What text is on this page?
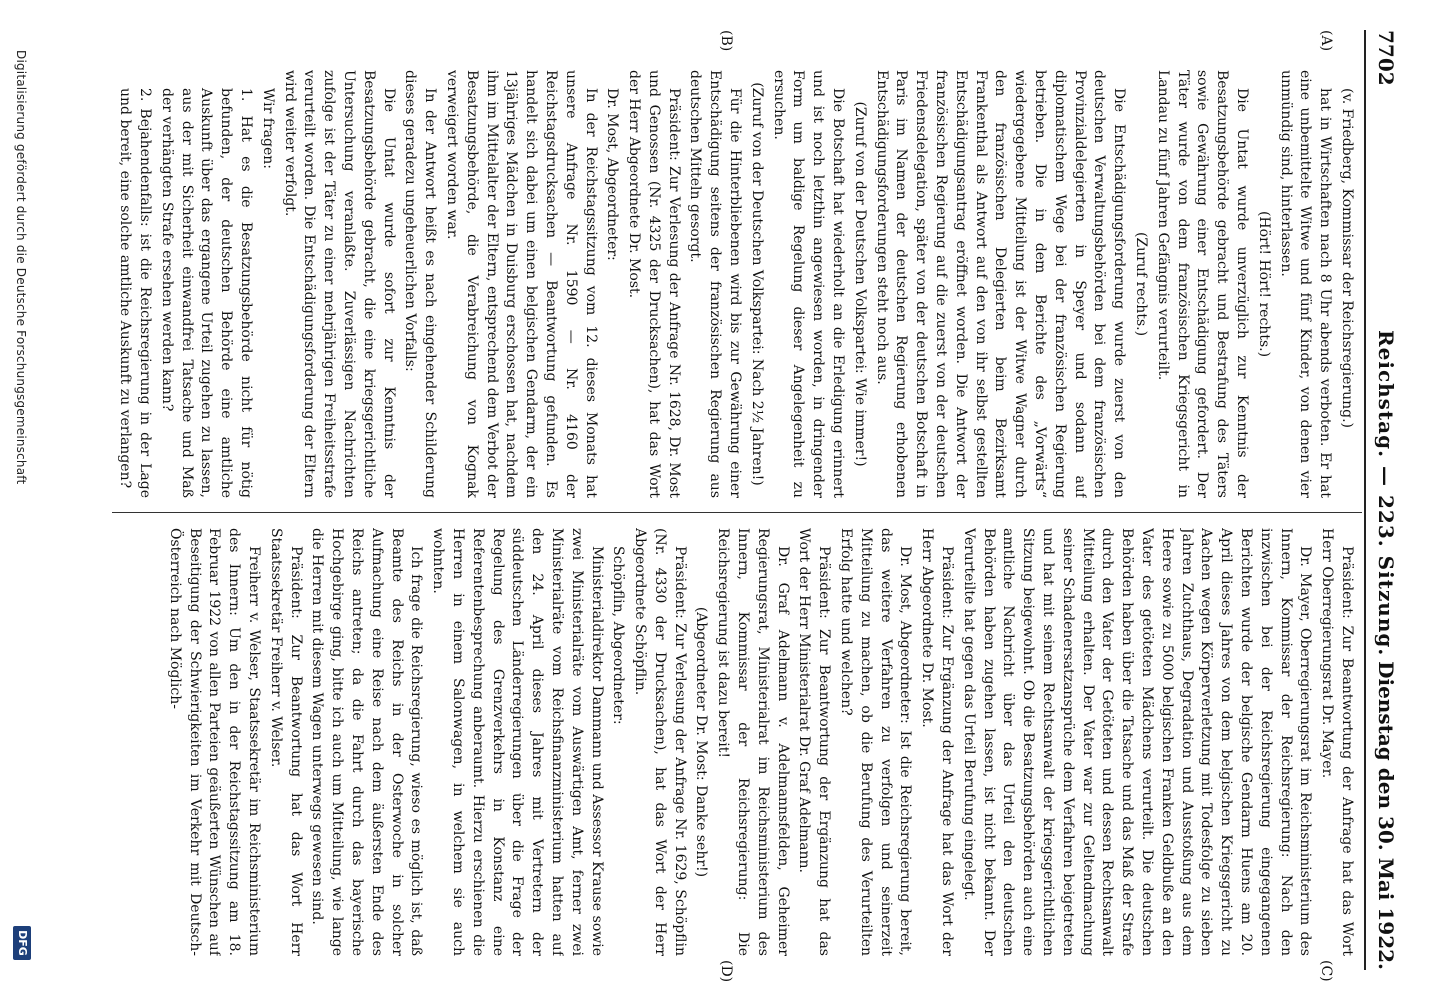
7702
Reichstag. — 223. Sitzung.
Dienstag den 30. Mai 1922.
(A)
(B)
(C)
(D)

(v. Friedberg, Kommissar der Reichsregierung.)

hat in Wirtschaften nach 8 Uhr abends verboten. Er hat eine unbemittelte Witwe und fünf Kinder, von denen vier unmündig sind, hinterlassen.

(Hört! Hört! rechts.)

Die Untat wurde unverzüglich zur Kenntnis der Besatzungsbehörde gebracht und Bestrafung des Täters sowie Gewährung einer Entschädigung gefordert. Der Täter wurde von dem französischen Kriegsgericht in Landau zu fünf Jahren Gefängnis verurteilt.

(Zuruf rechts.)

Die Entschädigungsforderung wurde zuerst von den deutschen Verwaltungsbehörden bei dem französischen Provinzialdelegierten in Speyer und sodann auf diplomatischem Wege bei der französischen Regierung betrieben. Die in dem Berichte des „Vorwärts“ wiedergegebene Mitteilung ist der Witwe Wagner durch den französischen Delegierten beim Bezirksamt Frankenthal als Antwort auf den von ihr selbst gestellten Entschädigungsantrag eröffnet worden. Die Antwort der französischen Regierung auf die zuerst von der deutschen Friedensdelegation, später von der deutschen Botschaft in Paris im Namen der deutschen Regierung erhobenen Entschädigungsforderungen steht noch aus.

(Zuruf von der Deutschen Volkspartei: Wie immer!)

Die Botschaft hat wiederholt an die Erledigung erinnert und ist noch letzthin angewiesen worden, in dringender Form um baldige Regelung dieser Angelegenheit zu ersuchen.

(Zuruf von der Deutschen Volkspartei: Nach 2½ Jahren!)

Für die Hinterbliebenen wird bis zur Gewährung einer Entschädigung seitens der französischen Regierung aus deutschen Mitteln gesorgt.

Präsident: Zur Verlesung der Anfrage Nr. 1628, Dr. Most und Genossen (Nr. 4325 der Drucksachen), hat das Wort der Herr Abgeordnete Dr. Most.

Dr. Most, Abgeordneter:

In der Reichstagssitzung vom 12. dieses Monats hat unsere Anfrage Nr. 1590 — Nr. 4160 der Reichstagsdrucksachen — Beantwortung gefunden. Es handelt sich dabei um einen belgischen Gendarm, der ein 13jähriges Mädchen in Duisburg erschossen hat, nachdem ihm im Mittelalter der Eltern, entsprechend dem Verbot der Besatzungsbehörde, die Verabreichung von Kognak verweigert worden war.

In der Antwort heißt es nach eingehender Schilderung dieses geradezu ungeheuerlichen Vorfalls:

Die Untat wurde sofort zur Kenntnis der Besatzungsbehörde gebracht, die eine kriegsgerichtliche Untersuchung veranlaßte. Zuverlässigen Nachrichten zufolge ist der Täter zu einer mehrjährigen Freiheitsstrafe verurteilt worden. Die Entschädigungsforderung der Eltern wird weiter verfolgt.

Wir fragen:

1. Hat es die Besatzungsbehörde nicht für nötig befunden, der deutschen Behörde eine amtliche Auskunft über das ergangene Urteil zugehen zu lassen, aus der mit Sicherheit einwandfrei Tatsache und Maß der verhängten Strafe ersehen werden kann?

2. Bejahendenfalls: ist die Reichsregierung in der Lage und bereit, eine solche amtliche Auskunft zu verlangen?

Präsident: Zur Beantwortung der Anfrage hat das Wort Herr Oberregierungsrat Dr. Mayer.

Dr. Mayer, Oberregierungsrat im Reichsministerium des Innern, Kommissar der Reichsregierung: Nach den inzwischen bei der Reichsregierung eingegangenen Berichten wurde der belgische Gendarm Huens am 20. April dieses Jahres von dem belgischen Kriegsgericht zu Aachen wegen Körperverletzung mit Todesfolge zu sieben Jahren Zuchthaus, Degradation und Ausstoßung aus dem Heere sowie zu 5000 belgischen Franken Geldbuße an den Vater des getöteten Mädchens verurteilt. Die deutschen Behörden haben über die Tatsache und das Maß der Strafe durch den Vater der Getöteten und dessen Rechtsanwalt Mitteilung erhalten. Der Vater war zur Geltendmachung seiner Schadenersatzansprüche dem Verfahren beigetreten und hat mit seinem Rechtsanwalt der kriegsgerichtlichen Sitzung beigewohnt. Ob die Besatzungsbehörden auch eine amtliche Nachricht über das Urteil den deutschen Behörden haben zugehen lassen, ist nicht bekannt. Der Verurteilte hat gegen das Urteil Berufung eingelegt.

Präsident: Zur Ergänzung der Anfrage hat das Wort der Herr Abgeordnete Dr. Most.

Dr. Most, Abgeordneter: Ist die Reichsregierung bereit, das weitere Verfahren zu verfolgen und seinerzeit Mitteilung zu machen, ob die Berufung des Verurteilten Erfolg hatte und welchen?

Präsident: Zur Beantwortung der Ergänzung hat das Wort der Herr Ministerialrat Dr. Graf Adelmann.

Dr. Graf Adelmann v. Adelmannsfelden, Geheimer Regierungsrat, Ministerialrat im Reichsministerium des Innern, Kommissar der Reichsregierung: Die Reichsregierung ist dazu bereit!

(Abgeordneter Dr. Most: Danke sehr!)

Präsident: Zur Verlesung der Anfrage Nr. 1629, Schöpflin (Nr. 4330 der Drucksachen), hat das Wort der Herr Abgeordnete Schöpflin.

Schöpflin, Abgeordneter:

Ministerialdirektor Dammann und Assessor Krause sowie zwei Ministerialräte vom Auswärtigen Amt, ferner zwei Ministerialräte vom Reichsfinanzministerium hatten auf den 24. April dieses Jahres mit Vertretern der süddeutschen Länderregierungen über die Frage der Regelung des Grenzverkehrs in Konstanz eine Referentenbesprechung anberaumt. Hierzu erschienen die Herren in einem Salonwagen, in welchem sie auch wohnten.

Ich frage die Reichsregierung, wieso es möglich ist, daß Beamte des Reichs in der Osterwoche in solcher Aufmachung eine Reise nach dem äußersten Ende des Reichs antreten; da die Fahrt durch das bayerische Hochgebirge ging, bitte ich auch um Mitteilung, wie lange die Herren mit diesem Wagen unterwegs gewesen sind.

Präsident: Zur Beantwortung hat das Wort Herr Staatssekretär Freiherr v. Welser.

Freiherr v. Welser, Staatssekretär im Reichsministerium des Innern: Um den in der Reichstagssitzung am 18. Februar 1922 von allen Parteien geäußerten Wünschen auf Beseitigung der Schwierigkeiten im Verkehr mit Deutsch-Österreich nach Möglich-

Digitalisierung gefördert durch die Deutsche Forschungsgemeinschaft
DFG
